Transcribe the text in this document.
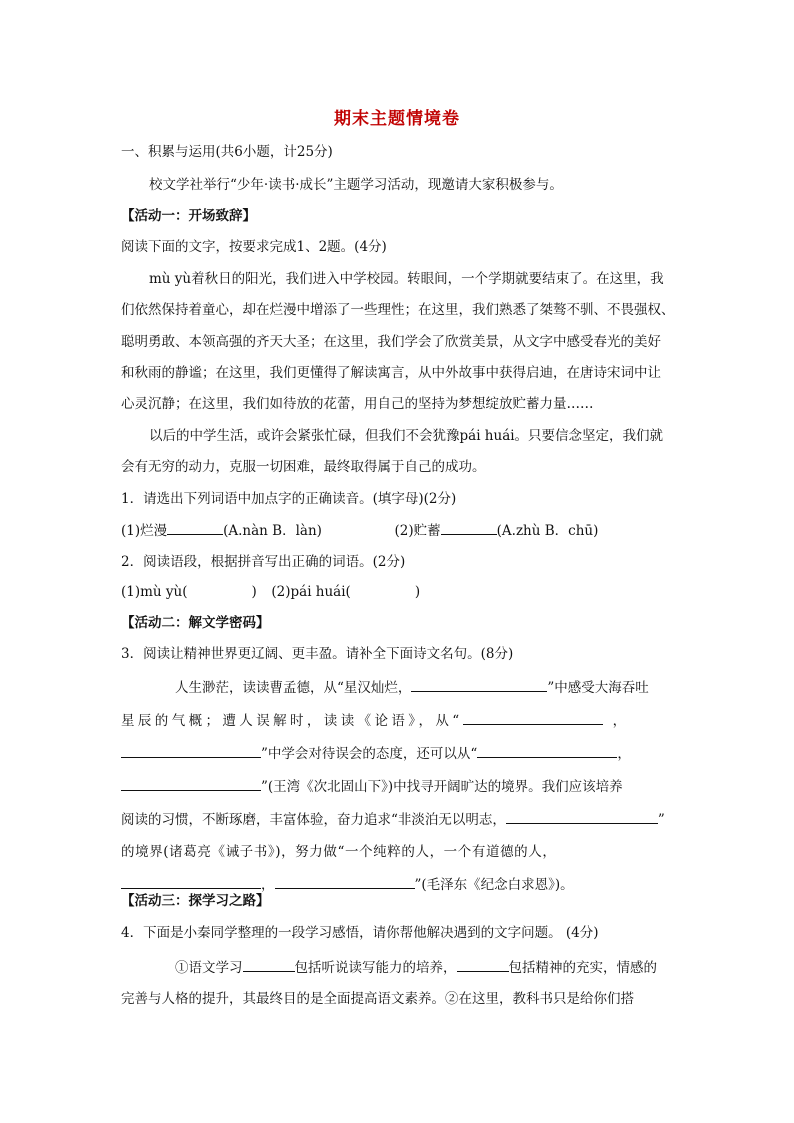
期末主题情境卷
一、积累与运用(共6小题，计25分)
校文学社举行“少年·读书·成长”主题学习活动，现邀请大家积极参与。
【活动一：开场致辞】
阅读下面的文字，按要求完成1、2题。(4分)
mù yù着秋日的阳光，我们进入中学校园。转眼间，一个学期就要结束了。在这里，我
们依然保持着童心，却在烂漫中增添了一些理性；在这里，我们熟悉了桀骜不驯、不畏强权、
聪明勇敢、本领高强的齐天大圣；在这里，我们学会了欣赏美景，从文字中感受春光的美好
和秋雨的静谧；在这里，我们更懂得了解读寓言，从中外故事中获得启迪，在唐诗宋词中让
心灵沉静；在这里，我们如待放的花蕾，用自己的坚持为梦想绽放贮蓄力量……
以后的中学生活，或许会紧张忙碌，但我们不会犹豫pái huái。只要信念坚定，我们就
会有无穷的动力，克服一切困难，最终取得属于自己的成功。
1．请选出下列词语中加点字的正确读音。(填字母)(2分)
(1)烂漫	(A.nàn B．làn)	(2)贮蓄	(A.zhù B．chū)
2．阅读语段，根据拼音写出正确的词语。(2分)
(1)mù yù(	) (2)pái huái(	)
【活动二：解文学密码】
3．阅读让精神世界更辽阔、更丰盈。请补全下面诗文名句。(8分)
人生渺茫，读读曹孟德，从“星汉灿烂，	”中感受大海吞吐
星辰的气概；遭人误解时，读读《论语》，从“	，
”中学会对待误会的态度，还可以从“	，
”(王湾《次北固山下》)中找寻开阔旷达的境界。我们应该培养
阅读的习惯，不断琢磨，丰富体验，奋力追求“非淡泊无以明志，	”
的境界(诸葛亮《诫子书》)，努力做“一个纯粹的人，一个有道德的人，
，	”(毛泽东《纪念白求恩》)。
【活动三：探学习之路】
4．下面是小秦同学整理的一段学习感悟，请你帮他解决遇到的文字问题。 (4分)
①语文学习	包括听说读写能力的培养，	包括精神的充实，情感的
完善与人格的提升，其最终目的是全面提高语文素养。②在这里，教科书只是给你们搭
